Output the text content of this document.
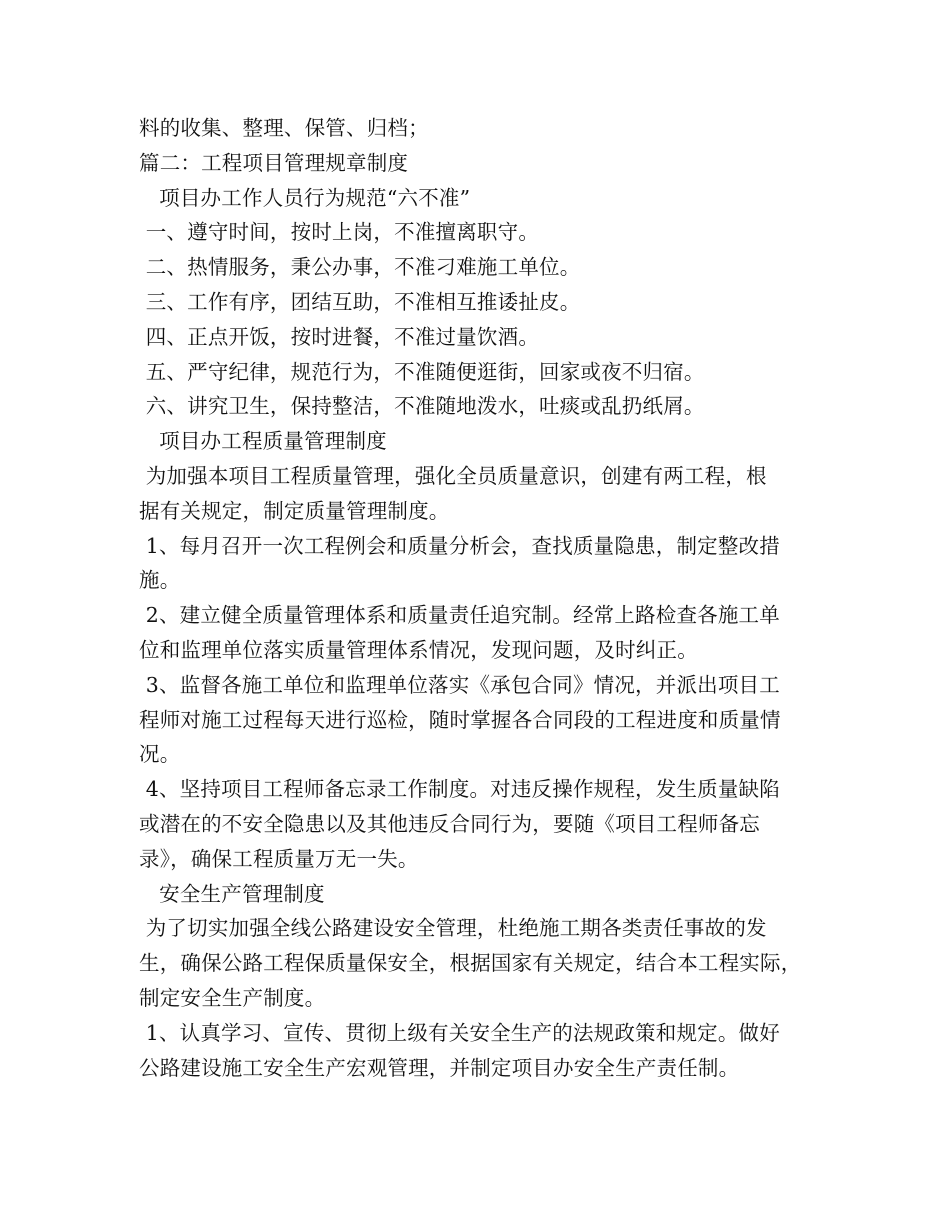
料的收集、整理、保管、归档；
篇二：工程项目管理规章制度
项目办工作人员行为规范“六不准”
一、遵守时间，按时上岗，不准擅离职守。
二、热情服务，秉公办事，不准刁难施工单位。
三、工作有序，团结互助，不准相互推诿扯皮。
四、正点开饭，按时进餐，不准过量饮酒。
五、严守纪律，规范行为，不准随便逛街，回家或夜不归宿。
六、讲究卫生，保持整洁，不准随地泼水，吐痰或乱扔纸屑。
项目办工程质量管理制度
为加强本项目工程质量管理，强化全员质量意识，创建有两工程，根
据有关规定，制定质量管理制度。
1、每月召开一次工程例会和质量分析会，查找质量隐患，制定整改措
施。
2、建立健全质量管理体系和质量责任追究制。经常上路检查各施工单
位和监理单位落实质量管理体系情况，发现问题，及时纠正。
3、监督各施工单位和监理单位落实《承包合同》情况，并派出项目工
程师对施工过程每天进行巡检，随时掌握各合同段的工程进度和质量情
况。
4、坚持项目工程师备忘录工作制度。对违反操作规程，发生质量缺陷
或潜在的不安全隐患以及其他违反合同行为，要随《项目工程师备忘
录》，确保工程质量万无一失。
安全生产管理制度
为了切实加强全线公路建设安全管理，杜绝施工期各类责任事故的发
生，确保公路工程保质量保安全，根据国家有关规定，结合本工程实际，
制定安全生产制度。
1、认真学习、宣传、贯彻上级有关安全生产的法规政策和规定。做好
公路建设施工安全生产宏观管理，并制定项目办安全生产责任制。
